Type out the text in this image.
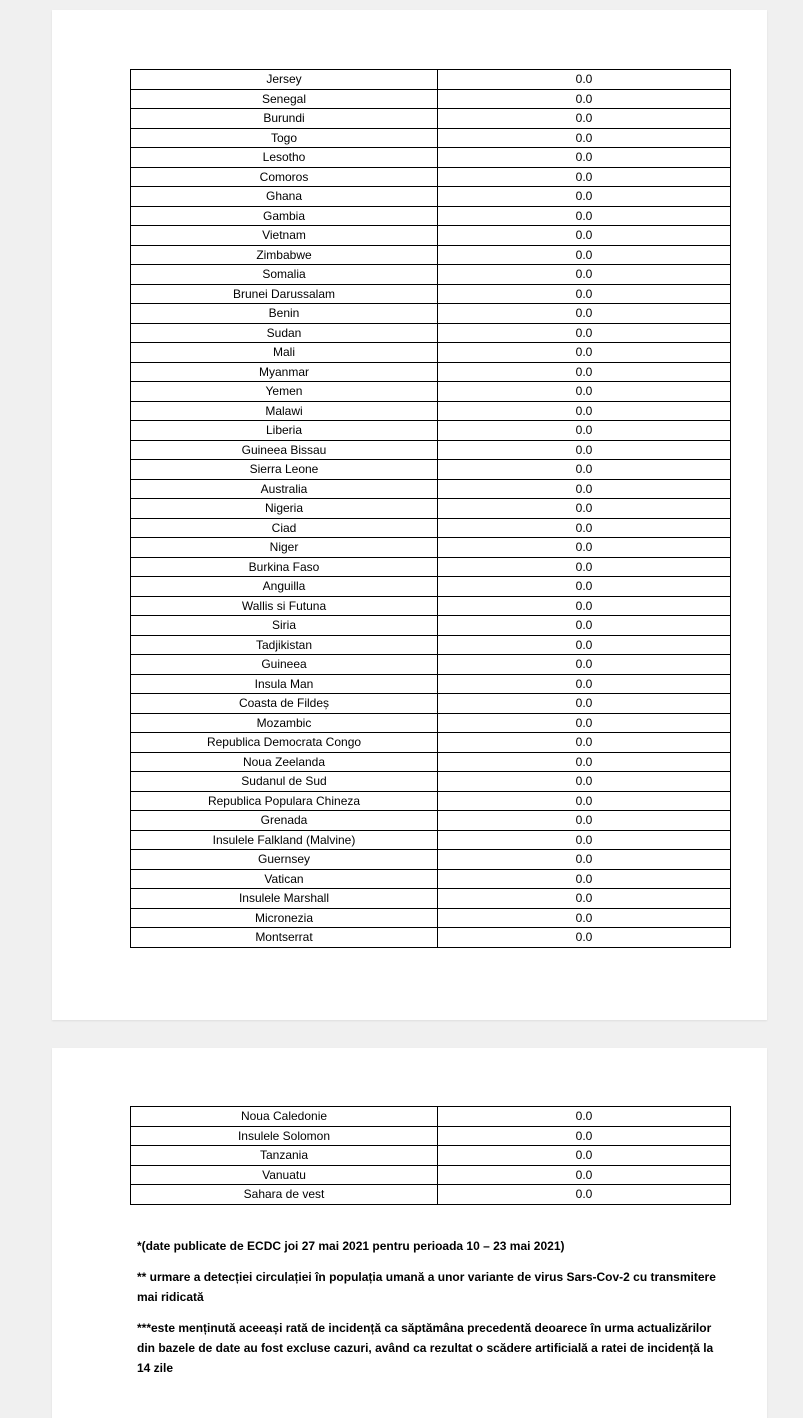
Jersey	0.0
Senegal	0.0
Burundi	0.0
Togo	0.0
Lesotho	0.0
Comoros	0.0
Ghana	0.0
Gambia	0.0
Vietnam	0.0
Zimbabwe	0.0
Somalia	0.0
Brunei Darussalam	0.0
Benin	0.0
Sudan	0.0
Mali	0.0
Myanmar	0.0
Yemen	0.0
Malawi	0.0
Liberia	0.0
Guineea Bissau	0.0
Sierra Leone	0.0
Australia	0.0
Nigeria	0.0
Ciad	0.0
Niger	0.0
Burkina Faso	0.0
Anguilla	0.0
Wallis si Futuna	0.0
Siria	0.0
Tadjikistan	0.0
Guineea	0.0
Insula Man	0.0
Coasta de Fildeș	0.0
Mozambic	0.0
Republica Democrata Congo	0.0
Noua Zeelanda	0.0
Sudanul de Sud	0.0
Republica Populara Chineza	0.0
Grenada	0.0
Insulele Falkland (Malvine)	0.0
Guernsey	0.0
Vatican	0.0
Insulele Marshall	0.0
Micronezia	0.0
Montserrat	0.0
Noua Caledonie	0.0
Insulele Solomon	0.0
Tanzania	0.0
Vanuatu	0.0
Sahara de vest	0.0

*(date publicate de ECDC joi 27 mai 2021 pentru perioada 10 – 23 mai 2021)

** urmare a detecției circulației în populația umană a unor variante de virus Sars-Cov-2 cu transmitere mai ridicată

***este menținută aceeași rată de incidență ca săptămâna precedentă deoarece în urma actualizărilor din bazele de date au fost excluse cazuri, având ca rezultat o scădere artificială a ratei de incidență la 14 zile
